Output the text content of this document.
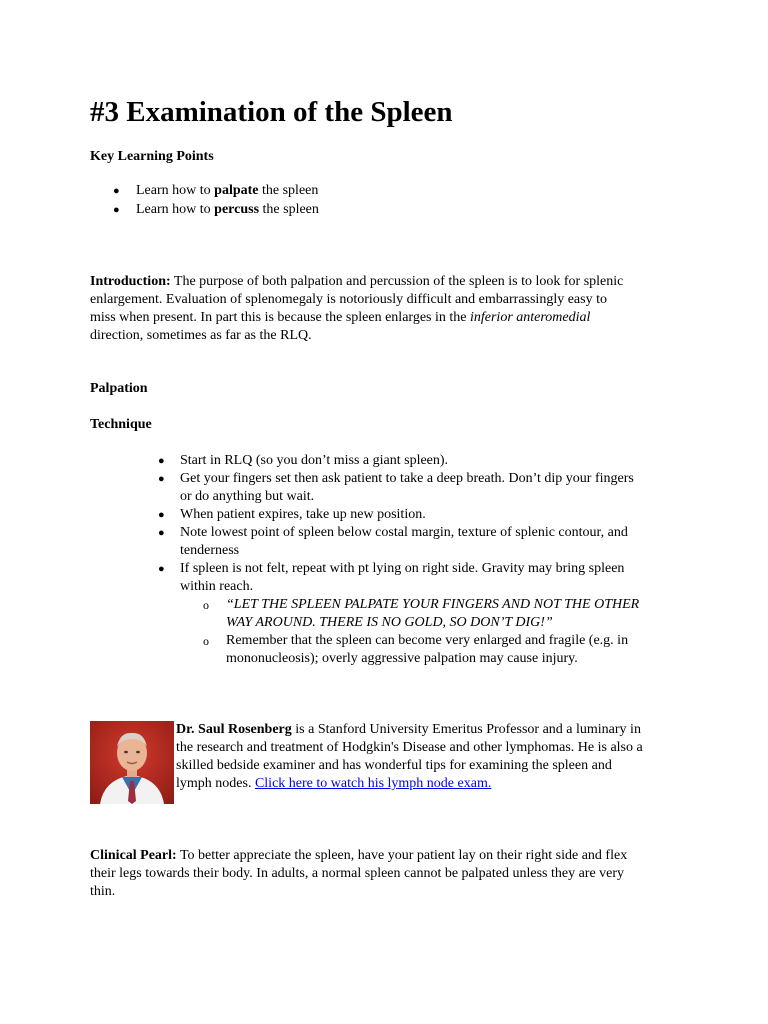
#3 Examination of the Spleen
Key Learning Points
● Learn how to palpate the spleen
● Learn how to percuss the spleen
Introduction: The purpose of both palpation and percussion of the spleen is to look for splenic
enlargement. Evaluation of splenomegaly is notoriously difficult and embarrassingly easy to
miss when present. In part this is because the spleen enlarges in the inferior anteromedial
direction, sometimes as far as the RLQ.
Palpation
Technique
● Start in RLQ (so you don’t miss a giant spleen).
● Get your fingers set then ask patient to take a deep breath. Don’t dip your fingers
or do anything but wait.
● When patient expires, take up new position.
● Note lowest point of spleen below costal margin, texture of splenic contour, and
tenderness
● If spleen is not felt, repeat with pt lying on right side. Gravity may bring spleen
within reach.
o “LET THE SPLEEN PALPATE YOUR FINGERS AND NOT THE OTHER
WAY AROUND. THERE IS NO GOLD, SO DON’T DIG!”
o Remember that the spleen can become very enlarged and fragile (e.g. in
mononucleosis); overly aggressive palpation may cause injury.
Dr. Saul Rosenberg is a Stanford University Emeritus Professor and a luminary in
the research and treatment of Hodgkin's Disease and other lymphomas. He is also a
skilled bedside examiner and has wonderful tips for examining the spleen and
lymph nodes. Click here to watch his lymph node exam.
Clinical Pearl: To better appreciate the spleen, have your patient lay on their right side and flex
their legs towards their body. In adults, a normal spleen cannot be palpated unless they are very
thin.
